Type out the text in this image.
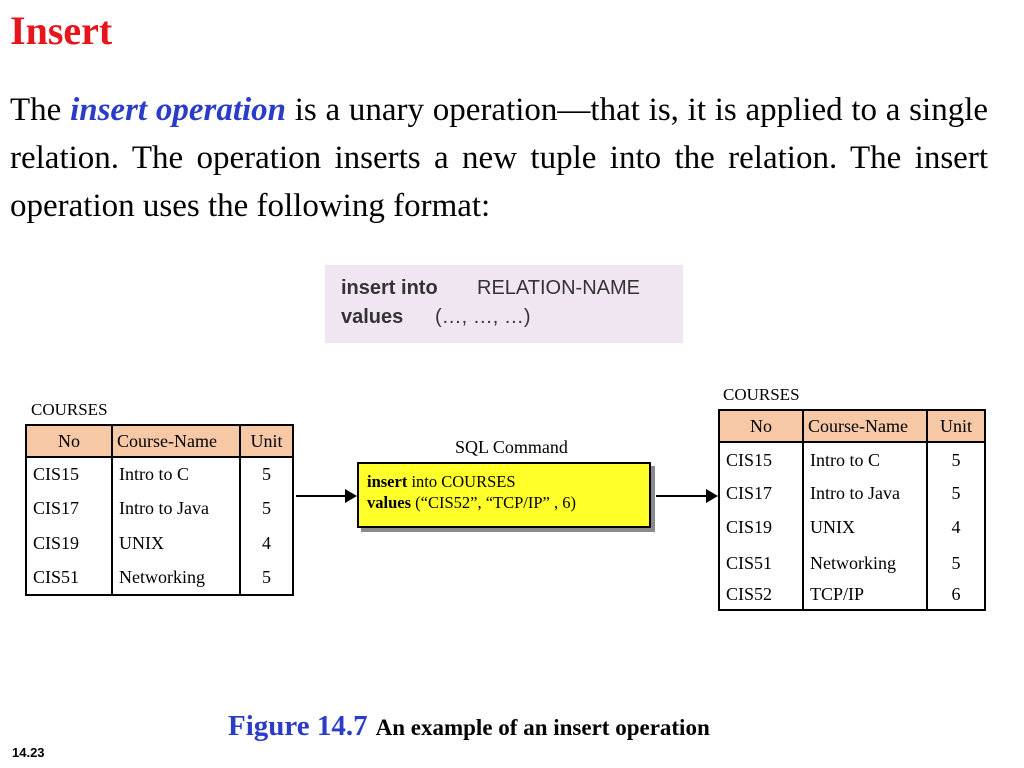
Insert

The insert operation is a unary operation—that is, it is applied to a single relation. The operation inserts a new tuple into the relation. The insert operation uses the following format:

insert into RELATION-NAME
values (…, …, …)
COURSES
No	Course-Name	Unit
CIS15	Intro to C	5
CIS17	Intro to Java	5
CIS19	UNIX	4
CIS51	Networking	5
SQL Command
insert into COURSES
values (“CIS52”, “TCP/IP” , 6)
COURSES
No	Course-Name	Unit
CIS15	Intro to C	5
CIS17	Intro to Java	5
CIS19	UNIX	4
CIS51	Networking	5
CIS52	TCP/IP	6
Figure 14.7 An example of an insert operation
14.23
